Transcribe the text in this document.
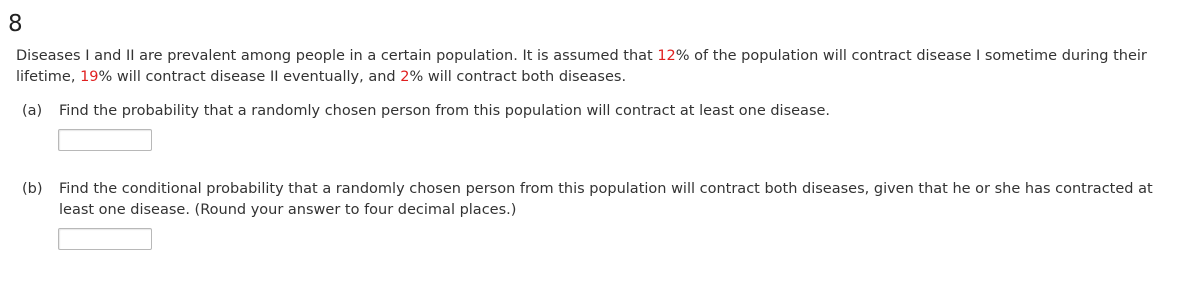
8
Diseases I and II are prevalent among people in a certain population. It is assumed that 12% of the population will contract disease I sometime during their lifetime, 19% will contract disease II eventually, and 2% will contract both diseases.
(a) Find the probability that a randomly chosen person from this population will contract at least one disease.
(b) Find the conditional probability that a randomly chosen person from this population will contract both diseases, given that he or she has contracted at least one disease. (Round your answer to four decimal places.)
